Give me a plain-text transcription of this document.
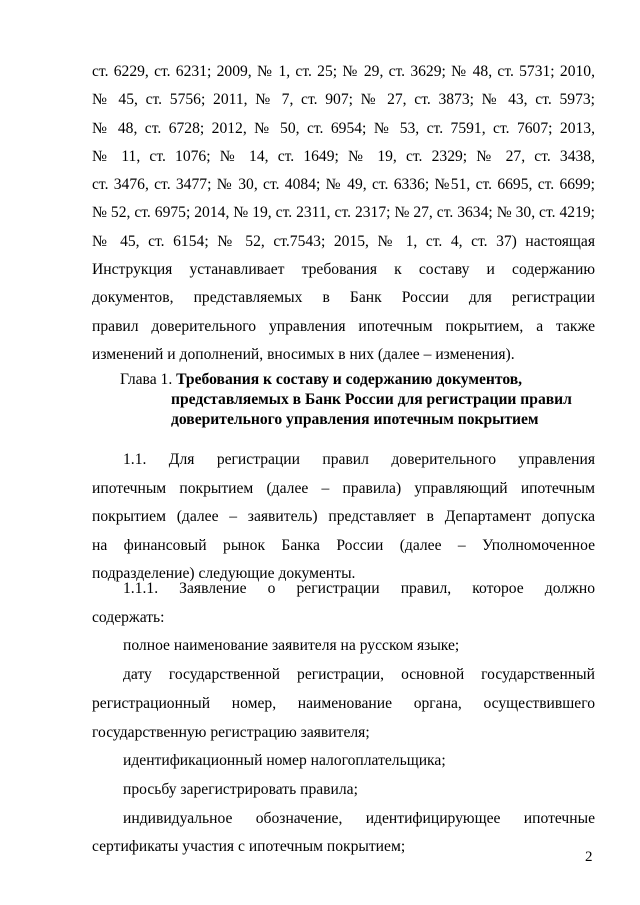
ст. 6229, ст. 6231; 2009, № 1, ст. 25; № 29, ст. 3629; № 48, ст. 5731; 2010,

№ 45, ст. 5756; 2011, № 7, ст. 907; № 27, ст. 3873; № 43, ст. 5973;

№ 48, ст. 6728; 2012, № 50, ст. 6954; № 53, ст. 7591, ст. 7607; 2013,

№ 11, ст. 1076; № 14, ст. 1649; № 19, ст. 2329; № 27, ст. 3438,

ст. 3476, ст. 3477; № 30, ст. 4084; № 49, ст. 6336; №51, ст. 6695, ст. 6699;

№ 52, ст. 6975; 2014, № 19, ст. 2311, ст. 2317; № 27, ст. 3634; № 30, ст. 4219;

№ 45, ст. 6154; № 52, ст.7543; 2015, № 1, ст. 4, ст. 37) настоящая

Инструкция устанавливает требования к составу и содержанию

документов, представляемых в Банк России для регистрации

правил доверительного управления ипотечным покрытием, а также

изменений и дополнений, вносимых в них (далее – изменения).

Глава 1. Требования к составу и содержанию документов,
представляемых в Банк России для регистрации правил
доверительного управления ипотечным покрытием

1.1. Для регистрации правил доверительного управления

ипотечным покрытием (далее – правила) управляющий ипотечным

покрытием (далее – заявитель) представляет в Департамент допуска

на финансовый рынок Банка России (далее – Уполномоченное

подразделение) следующие документы.

1.1.1. Заявление о регистрации правил, которое должно

содержать:

полное наименование заявителя на русском языке;

дату государственной регистрации, основной государственный

регистрационный номер, наименование органа, осуществившего

государственную регистрацию заявителя;

идентификационный номер налогоплательщика;

просьбу зарегистрировать правила;

индивидуальное обозначение, идентифицирующее ипотечные

сертификаты участия с ипотечным покрытием;

2
